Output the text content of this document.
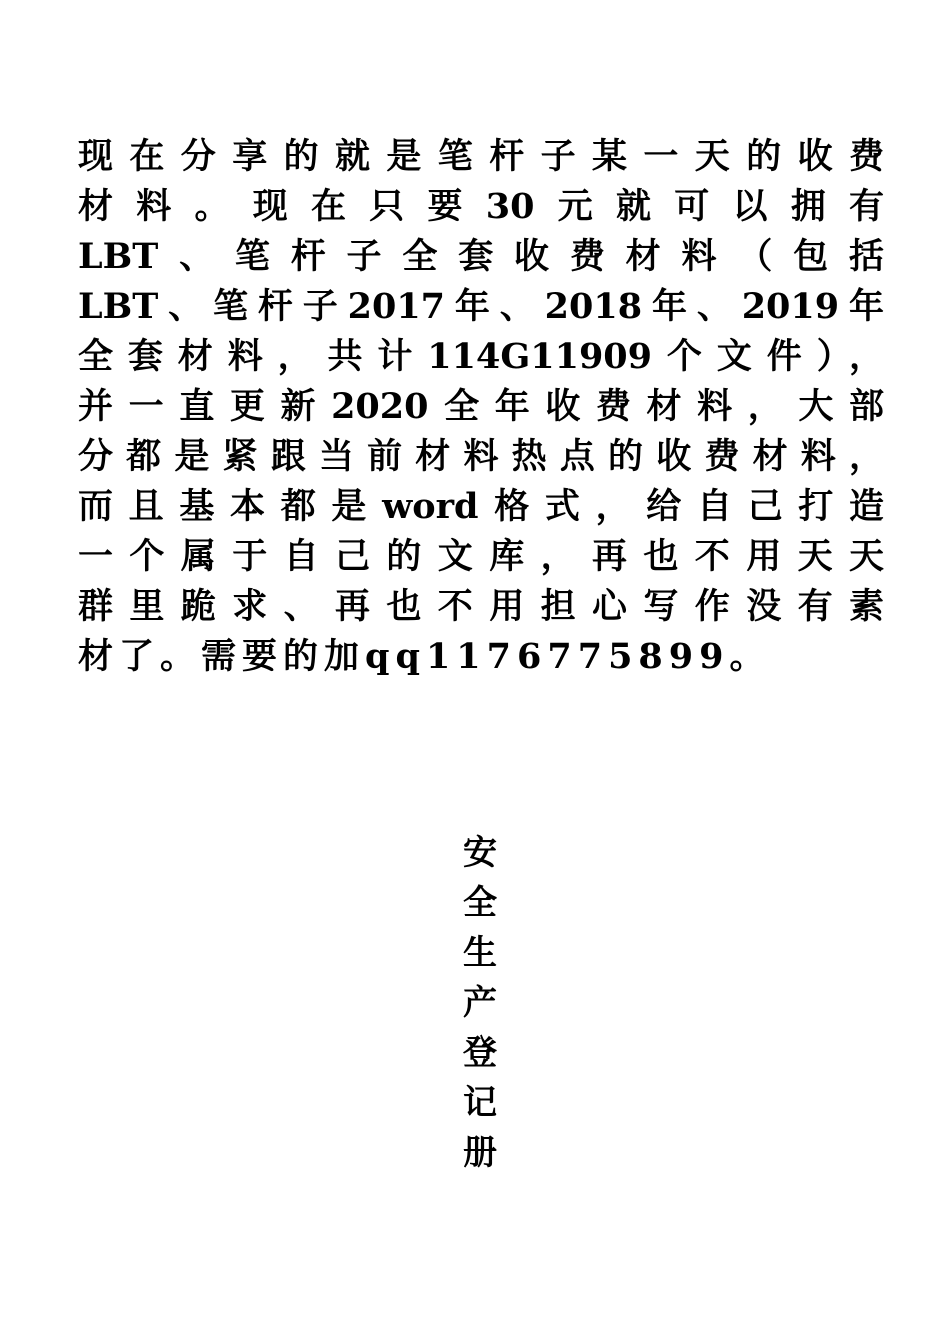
现在分享的就是笔杆子某一天的收费
材料。现在只要30元就可以拥有
LBT、笔杆子全套收费材料（包括
LBT、笔杆子2017年、2018年、2019年
全套材料，共计114G11909个文件），
并一直更新2020全年收费材料，大部
分都是紧跟当前材料热点的收费材料，
而且基本都是word格式，给自己打造
一个属于自己的文库，再也不用天天
群里跪求、再也不用担心写作没有素
材了。需要的加qq1176775899。
安
全
生
产
登
记
册
